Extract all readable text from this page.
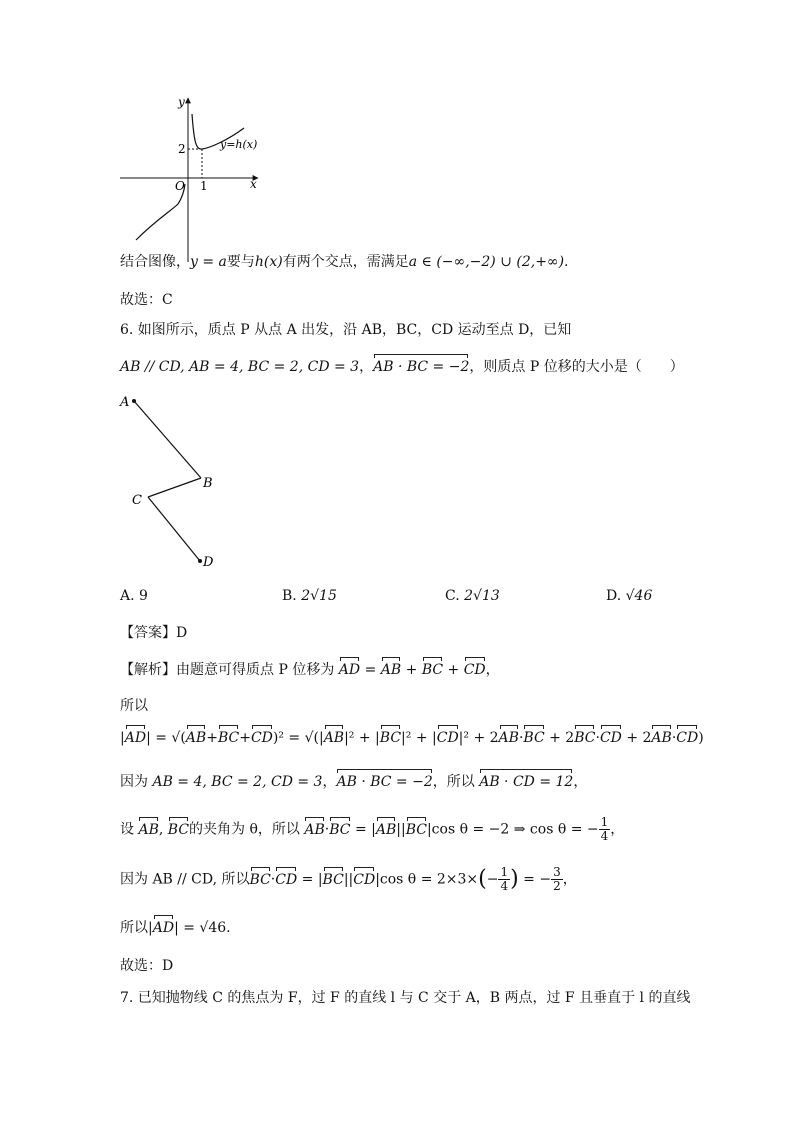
y
x
O
2
1
y=h(x)
结合图像，y = a要与h(x)有两个交点，需满足a ∈ (−∞,−2) ∪ (2,+∞).
故选：C
6. 如图所示，质点 P 从点 A 出发，沿 AB，BC，CD 运动至点 D，已知
AB // CD, AB = 4, BC = 2, CD = 3，AB · BC = −2，则质点 P 位移的大小是（　　）
A
B
C
D
A. 9	B. 2√15	C. 2√13	D. √46
【答案】D
【解析】由题意可得质点 P 位移为 AD = AB + BC + CD，
所以
|AD| = √(AB+BC+CD)² = √(|AB|² + |BC|² + |CD|² + 2AB·BC + 2BC·CD + 2AB·CD)
因为 AB = 4, BC = 2, CD = 3，AB · BC = −2，所以 AB · CD = 12，
设 AB, BC的夹角为 θ，所以 AB·BC = |AB||BC|cos θ = −2 ⇒ cos θ = − $\frac{1}{4}$ ，
因为 AB // CD, 所以BC·CD = |BC||CD|cos $\theta = 2\times 3\times(- \frac{1}{4}$ ) = − $\frac{3}{2}$ ，
所以|AD| = √46.
故选：D
7. 已知抛物线 C 的焦点为 F，过 F 的直线 l 与 C 交于 A，B 两点，过 F 且垂直于 l 的直线
